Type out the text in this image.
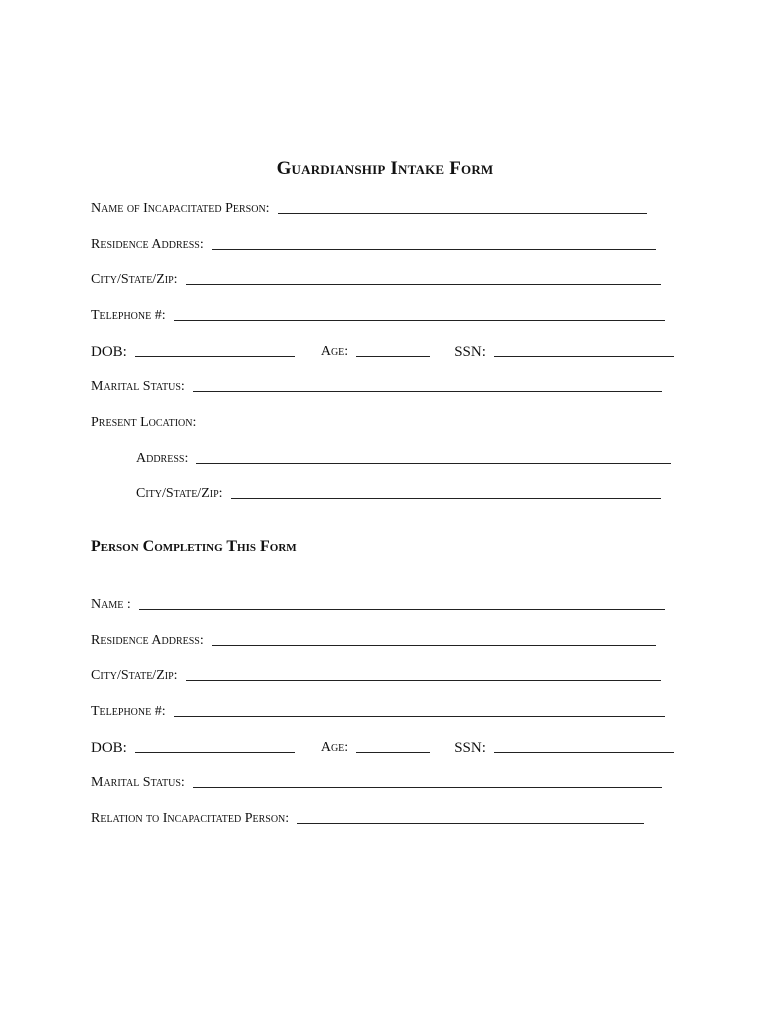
Guardianship Intake Form
Name of Incapacitated Person:
Residence Address:
City/State/Zip:
Telephone #:
DOB:	Age:	SSN:
Marital Status:
Present Location:
Address:
City/State/Zip:
Person Completing This Form
Name :
Residence Address:
City/State/Zip:
Telephone #:
DOB:	Age:	SSN:
Marital Status:
Relation to Incapacitated Person:
